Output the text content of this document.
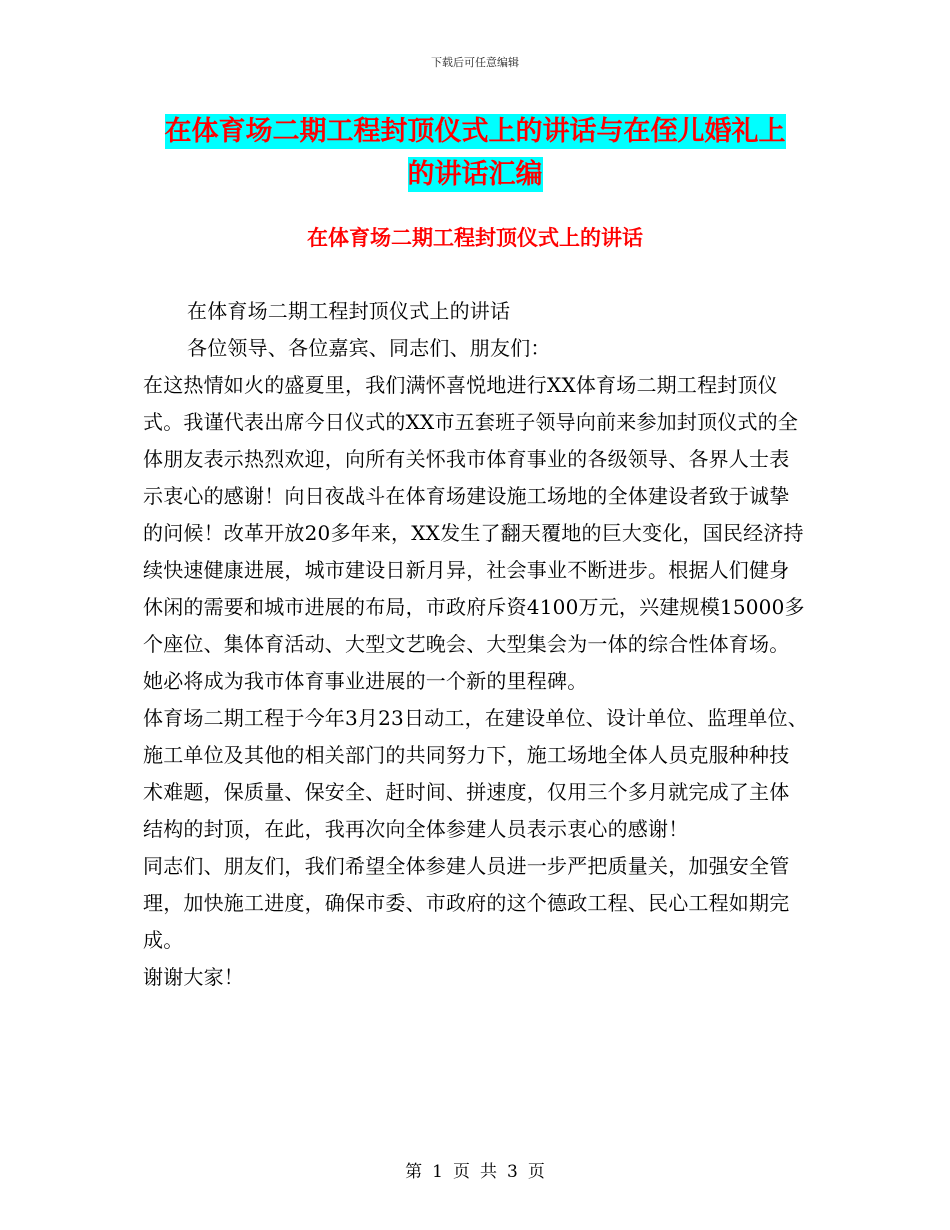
下载后可任意编辑
在体育场二期工程封顶仪式上的讲话与在侄儿婚礼上
的讲话汇编
在体育场二期工程封顶仪式上的讲话

在体育场二期工程封顶仪式上的讲话

各位领导、各位嘉宾、同志们、朋友们：

在这热情如火的盛夏里，我们满怀喜悦地进行XX体育场二期工程封顶仪式。我谨代表出席今日仪式的XX市五套班子领导向前来参加封顶仪式的全体朋友表示热烈欢迎，向所有关怀我市体育事业的各级领导、各界人士表示衷心的感谢！向日夜战斗在体育场建设施工场地的全体建设者致于诚挚的问候！改革开放20多年来，XX发生了翻天覆地的巨大变化，国民经济持续快速健康进展，城市建设日新月异，社会事业不断进步。根据人们健身休闲的需要和城市进展的布局，市政府斥资4100万元，兴建规模15000多个座位、集体育活动、大型文艺晚会、大型集会为一体的综合性体育场。她必将成为我市体育事业进展的一个新的里程碑。

体育场二期工程于今年3月23日动工，在建设单位、设计单位、监理单位、施工单位及其他的相关部门的共同努力下，施工场地全体人员克服种种技术难题，保质量、保安全、赶时间、拼速度，仅用三个多月就完成了主体结构的封顶，在此，我再次向全体参建人员表示衷心的感谢！

同志们、朋友们，我们希望全体参建人员进一步严把质量关，加强安全管理，加快施工进度，确保市委、市政府的这个德政工程、民心工程如期完成。

谢谢大家！

第 1 页 共 3 页
